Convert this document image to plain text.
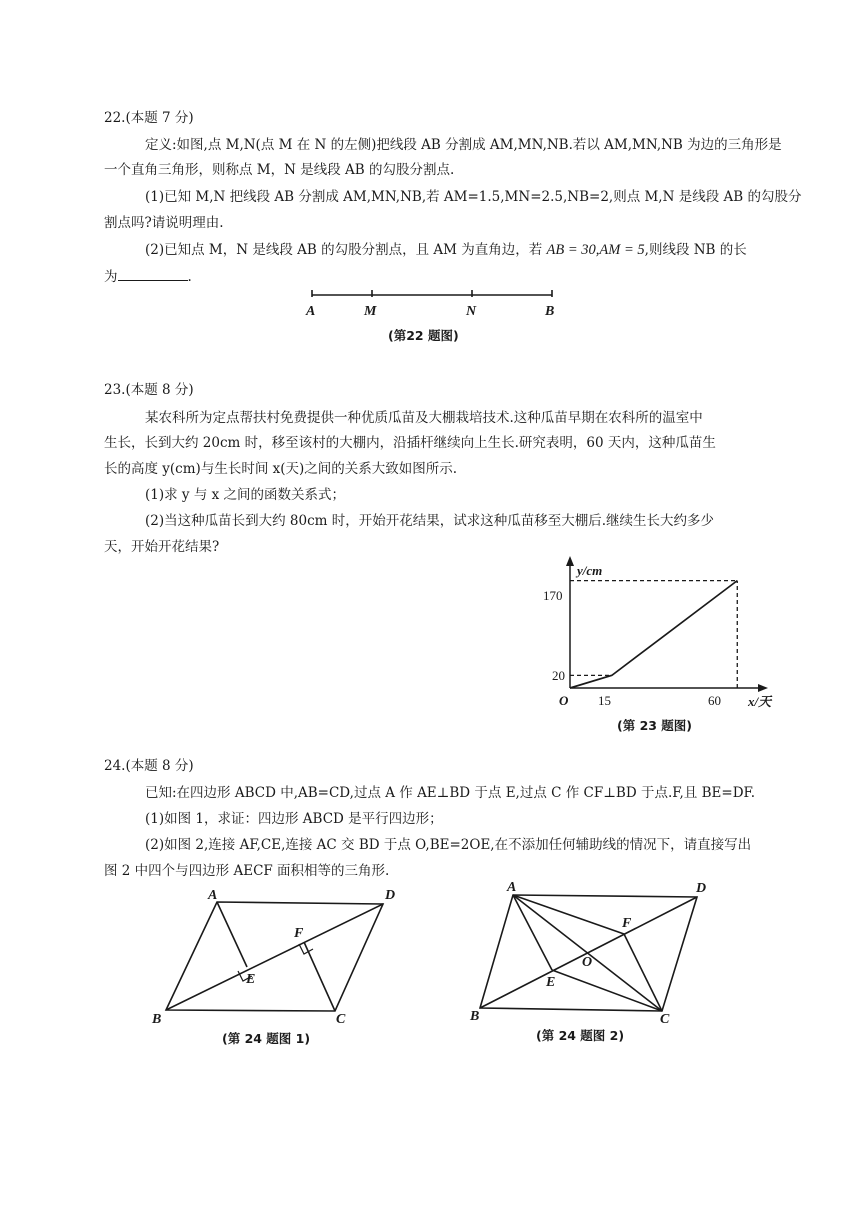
22.(本题 7 分)
定义:如图,点 M,N(点 M 在 N 的左侧)把线段 AB 分割成 AM,MN,NB.若以 AM,MN,NB 为边的三角形是
一个直角三角形，则称点 M，N 是线段 AB 的勾股分割点.
(1)已知 M,N 把线段 AB 分割成 AM,MN,NB,若 AM=1.5,MN=2.5,NB=2,则点 M,N 是线段 AB 的勾股分
割点吗?请说明理由.
(2)已知点 M，N 是线段 AB 的勾股分割点，且 AM 为直角边，若 AB = 30,AM = 5,则线段 NB 的长
为	.
A	M	N	B
(第22 题图)
23.(本题 8 分)
某农科所为定点帮扶村免费提供一种优质瓜苗及大棚栽培技术.这种瓜苗早期在农科所的温室中
生长，长到大约 20cm 时，移至该村的大棚内，沿插杆继续向上生长.研究表明，60 天内，这种瓜苗生
长的高度 y(cm)与生长时间 x(天)之间的关系大致如图所示.
(1)求 y 与 x 之间的函数关系式；
(2)当这种瓜苗长到大约 80cm 时，开始开花结果，试求这种瓜苗移至大棚后.继续生长大约多少
天，开始开花结果?
y/cm
x/天
O 15	60
20
170
(第 23 题图)
24.(本题 8 分)
已知:在四边形 ABCD 中,AB=CD,过点 A 作 AE⊥BD 于点 E,过点 C 作 CF⊥BD 于点.F,且 BE=DF.
(1)如图 1，求证：四边形 ABCD 是平行四边形；
(2)如图 2,连接 AF,CE,连接 AC 交 BD 于点 O,BE=2OE,在不添加任何辅助线的情况下，请直接写出
图 2 中四个与四边形 AECF 面积相等的三角形.
A	D
B	C
E
F
(第 24 题图 1)
A	D
B	C
E
F
O
(第 24 题图 2)
